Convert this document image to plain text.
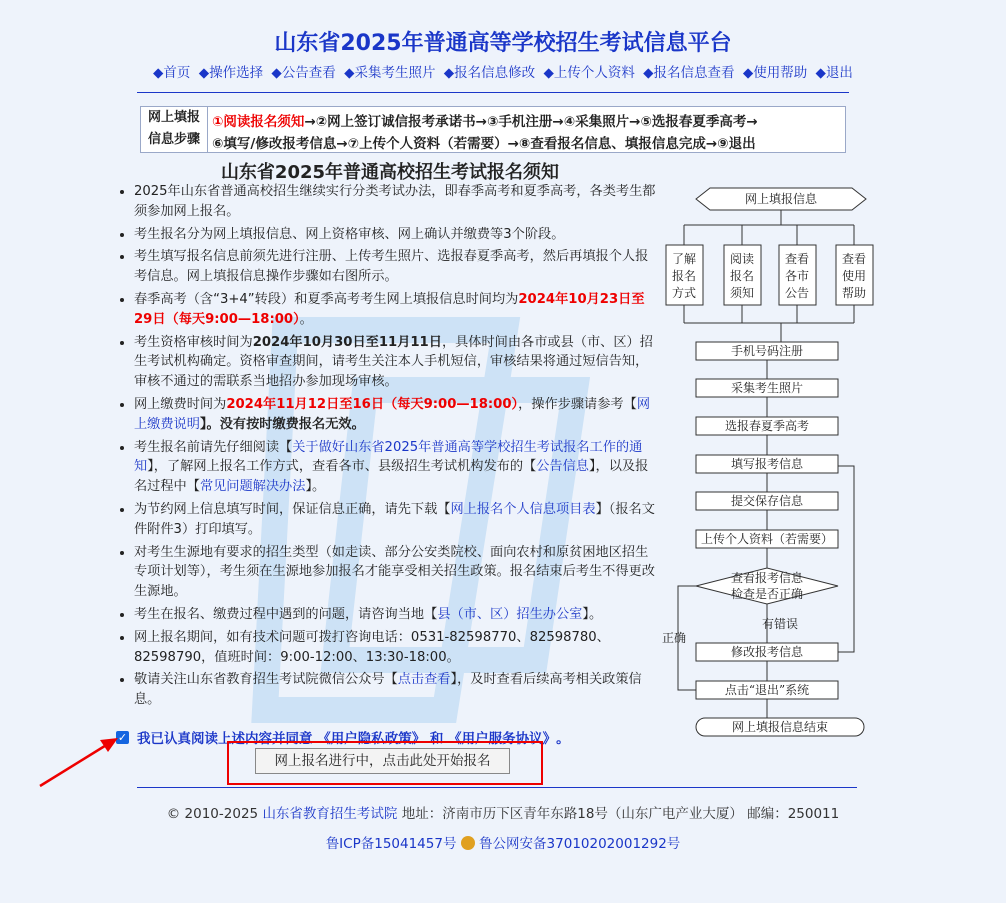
山东省2025年普通高等学校招生考试信息平台
◆首页 ◆操作选择 ◆公告查看 ◆采集考生照片 ◆报名信息修改 ◆上传个人资料 ◆报名信息查看 ◆使用帮助 ◆退出
网上填报
信息步骤
①阅读报名须知→②网上签订诚信报考承诺书→③手机注册→④采集照片→⑤选报春夏季高考→
⑥填写/修改报考信息→⑦上传个人资料（若需要）→⑧查看报名信息、填报信息完成→⑨退出
山东省2025年普通高校招生考试报名须知
• 2025年山东省普通高校招生继续实行分类考试办法，即春季高考和夏季高考，各类考生都须参加网上报名。
• 考生报名分为网上填报信息、网上资格审核、网上确认并缴费等3个阶段。
• 考生填写报名信息前须先进行注册、上传考生照片、选报春夏季高考，然后再填报个人报考信息。网上填报信息操作步骤如右图所示。
• 春季高考（含“3+4”转段）和夏季高考考生网上填报信息时间均为2024年10月23日至29日（每天9:00—18:00）。
• 考生资格审核时间为2024年10月30日至11月11日，具体时间由各市或县（市、区）招生考试机构确定。资格审查期间，请考生关注本人手机短信，审核结果将通过短信告知，审核不通过的需联系当地招办参加现场审核。
• 网上缴费时间为2024年11月12日至16日（每天9:00—18:00），操作步骤请参考【网上缴费说明】。没有按时缴费报名无效。
• 考生报名前请先仔细阅读【关于做好山东省2025年普通高等学校招生考试报名工作的通知】，了解网上报名工作方式，查看各市、县级招生考试机构发布的【公告信息】，以及报名过程中【常见问题解决办法】。
• 为节约网上信息填写时间，保证信息正确，请先下载【网上报名个人信息项目表】（报名文件附件3）打印填写。
• 对考生生源地有要求的招生类型（如走读、部分公安类院校、面向农村和原贫困地区招生专项计划等），考生须在生源地参加报名才能享受相关招生政策。报名结束后考生不得更改生源地。
• 考生在报名、缴费过程中遇到的问题，请咨询当地【县（市、区）招生办公室】。
• 网上报名期间，如有技术问题可拨打咨询电话：0531-82598770、82598780、82598790，值班时间：9:00-12:00、13:30-18:00。
• 敬请关注山东省教育招生考试院微信公众号【点击查看】，及时查看后续高考相关政策信息。
✓ 我已认真阅读上述内容并同意
《用户隐私政策》
和
《用户服务协议》 。
网上报名进行中，点击此处开始报名
网上填报信息
了解
报名
方式
阅读
报名
须知
查看
各市
公告
查看
使用
帮助
手机号码注册
采集考生照片
选报春夏季高考
填写报考信息
提交保存信息
上传个人资料（若需要）
查看报考信息
检查是否正确
有错误
正确
修改报考信息
点击“退出”系统
网上填报信息结束
© 2010-2025 山东省教育招生考试院 地址：济南市历下区青年东路18号（山东广电产业大厦） 邮编：250011
鲁ICP备15041457号 鲁公网安备37010202001292号
